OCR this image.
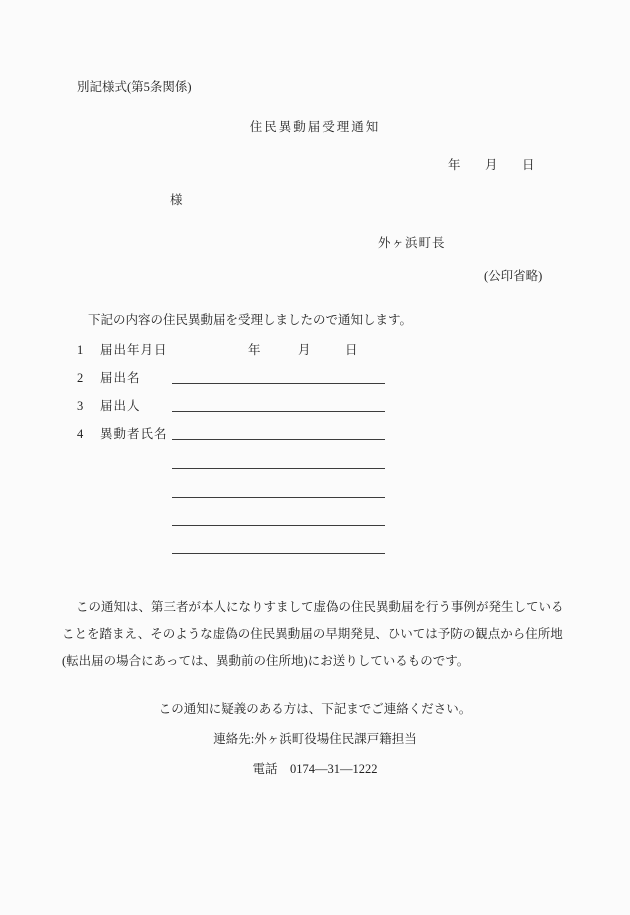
別記様式(第5条関係)
住民異動届受理通知
年 月 日
様
外ヶ浜町長
(公印省略)
下記の内容の住民異動届を受理しましたので通知します。
1 届出年月日	年	月	日
2 届出名
3 届出人
4 異動者氏名
この通知は、第三者が本人になりすまして虚偽の住民異動届を行う事例が発生している
ことを踏まえ、そのような虚偽の住民異動届の早期発見、ひいては予防の観点から住所地
(転出届の場合にあっては、異動前の住所地)にお送りしているものです。
この通知に疑義のある方は、下記までご連絡ください。
連絡先:外ヶ浜町役場住民課戸籍担当
電話　0174—31—1222
